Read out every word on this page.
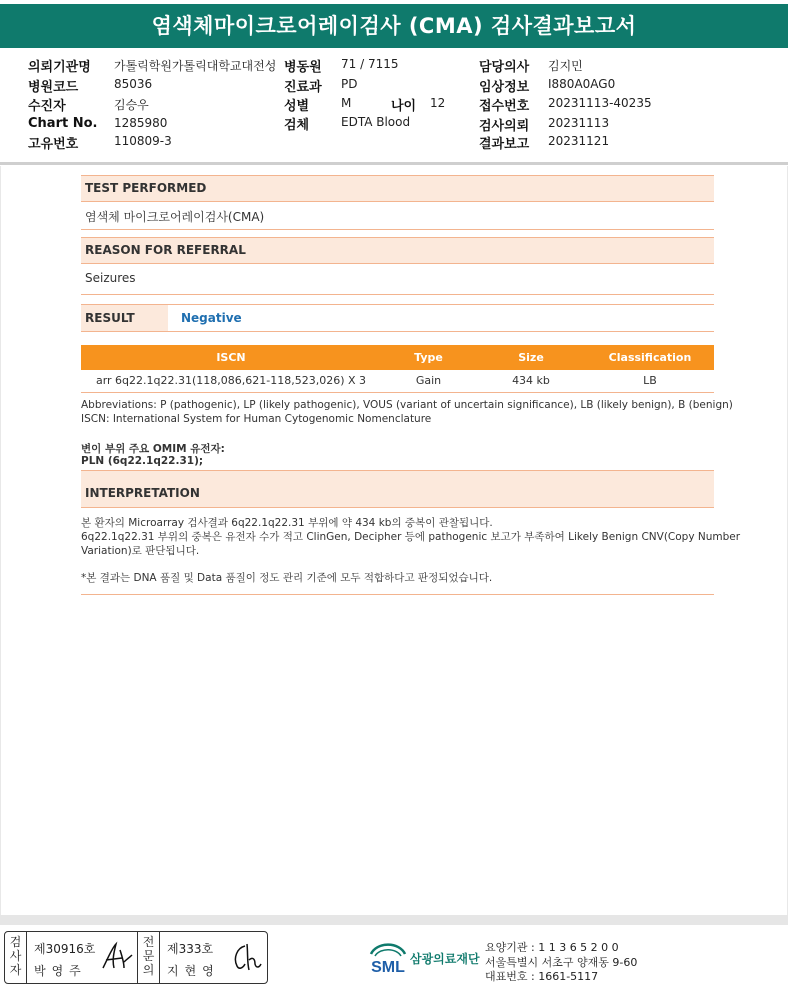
염색체마이크로어레이검사 (CMA) 검사결과보고서
의뢰기관명 가톨릭학원가톨릭대학교대전성
병원코드	85036
수진자	김승우
Chart No. 1285980
고유번호	110809-3
병동원 71 / 7115
진료과 PD
성별	M	나이 12
검체	EDTA Blood
담당의사 김지민
임상정보 I880A0AG0
접수번호 20231113-40235
검사의뢰 20231113
결과보고 20231121
TEST PERFORMED
염색체 마이크로어레이검사(CMA)
REASON FOR REFERRAL
Seizures
RESULT	Negative
ISCN	Type	Size	Classification
arr 6q22.1q22.31(118,086,621-118,523,026) X 3	Gain	434 kb	LB
Abbreviations: P (pathogenic), LP (likely pathogenic), VOUS (variant of uncertain significance), LB (likely benign), B (benign)
ISCN: International System for Human Cytogenomic Nomenclature
변이 부위 주요 OMIM 유전자:
PLN (6q22.1q22.31);
INTERPRETATION
본 환자의 Microarray 검사결과 6q22.1q22.31 부위에 약 434 kb의 중복이 관찰됩니다.
6q22.1q22.31 부위의 중복은 유전자 수가 적고 ClinGen, Decipher 등에 pathogenic 보고가 부족하여 Likely Benign CNV(Copy Number
Variation)로 판단됩니다.
*본 결과는 DNA 품질 및 Data 품질이 정도 관리 기준에 모두 적합하다고 판정되었습니다.
검
사
자
제30916호
박영주
전
문
의
제333호
지현영	SML 삼광의료재단
요양기관 : 1 1 3 6 5 2 0 0
서울특별시 서초구 양재동 9-60
대표번호 : 1661-5117
